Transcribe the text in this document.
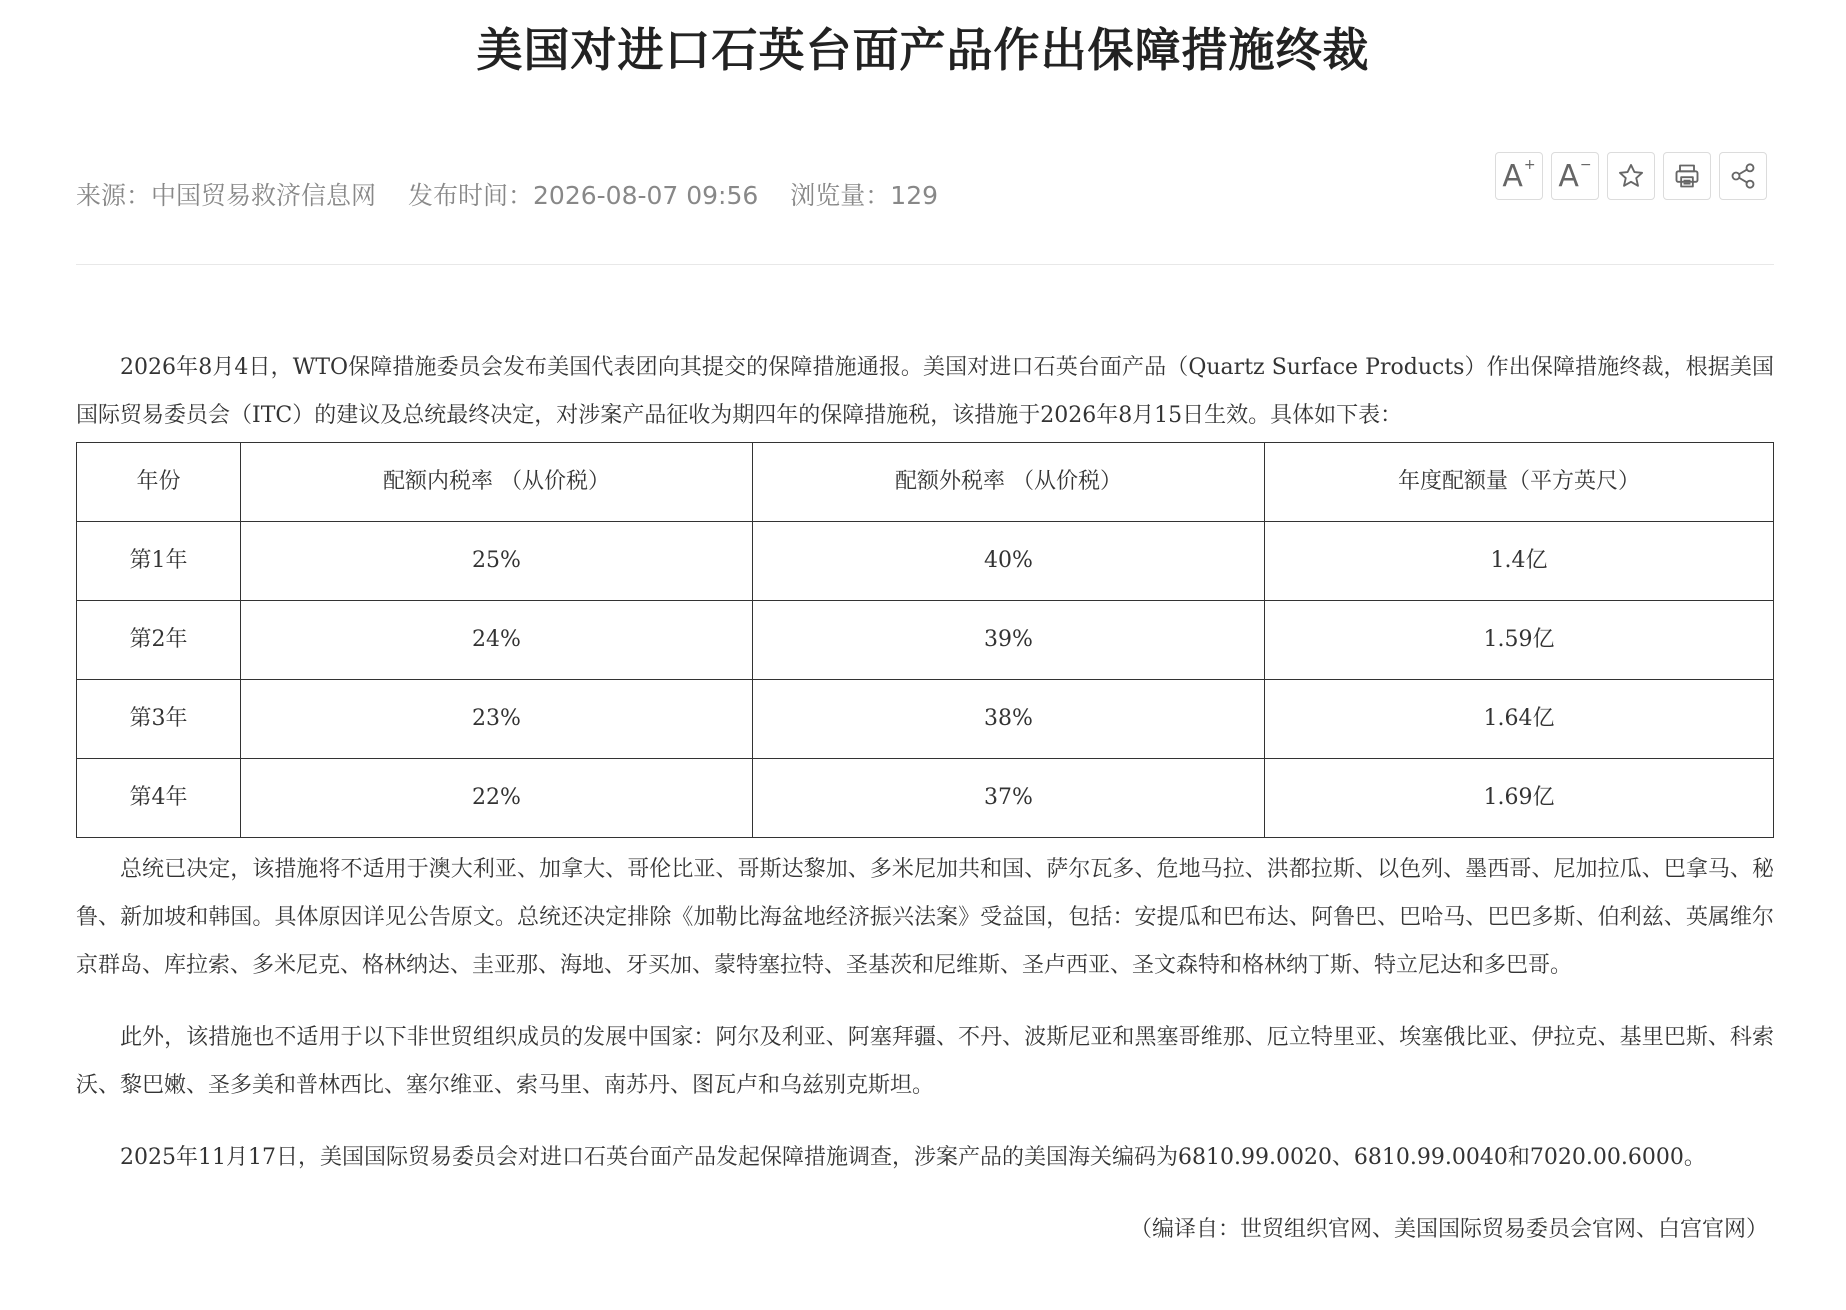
美国对进口石英台面产品作出保障措施终裁
来源：中国贸易救济信息网 发布时间：2026-08-07 09:56 浏览量：129
A+ A−

2026年8月4日，WTO保障措施委员会发布美国代表团向其提交的保障措施通报。美国对进口石英台面产品（Quartz Surface Products）作出保障措施终裁，根据美国国际贸易委员会（ITC）的建议及总统最终决定，对涉案产品征收为期四年的保障措施税，该措施于2026年8月15日生效。具体如下表：

年份	配额内税率 （从价税）	配额外税率 （从价税）	年度配额量（平方英尺）
第1年	25%	40%	1.4亿
第2年	24%	39%	1.59亿
第3年	23%	38%	1.64亿
第4年	22%	37%	1.69亿

总统已决定，该措施将不适用于澳大利亚、加拿大、哥伦比亚、哥斯达黎加、多米尼加共和国、萨尔瓦多、危地马拉、洪都拉斯、以色列、墨西哥、尼加拉瓜、巴拿马、秘鲁、新加坡和韩国。具体原因详见公告原文。总统还决定排除《加勒比海盆地经济振兴法案》受益国，包括：安提瓜和巴布达、阿鲁巴、巴哈马、巴巴多斯、伯利兹、英属维尔京群岛、库拉索、多米尼克、格林纳达、圭亚那、海地、牙买加、蒙特塞拉特、圣基茨和尼维斯、圣卢西亚、圣文森特和格林纳丁斯、特立尼达和多巴哥。

此外，该措施也不适用于以下非世贸组织成员的发展中国家：阿尔及利亚、阿塞拜疆、不丹、波斯尼亚和黑塞哥维那、厄立特里亚、埃塞俄比亚、伊拉克、基里巴斯、科索沃、黎巴嫩、圣多美和普林西比、塞尔维亚、索马里、南苏丹、图瓦卢和乌兹别克斯坦。

2025年11月17日，美国国际贸易委员会对进口石英台面产品发起保障措施调查，涉案产品的美国海关编码为6810.99.0020、6810.99.0040和7020.00.6000。

（编译自：世贸组织官网、美国国际贸易委员会官网、白宫官网）
